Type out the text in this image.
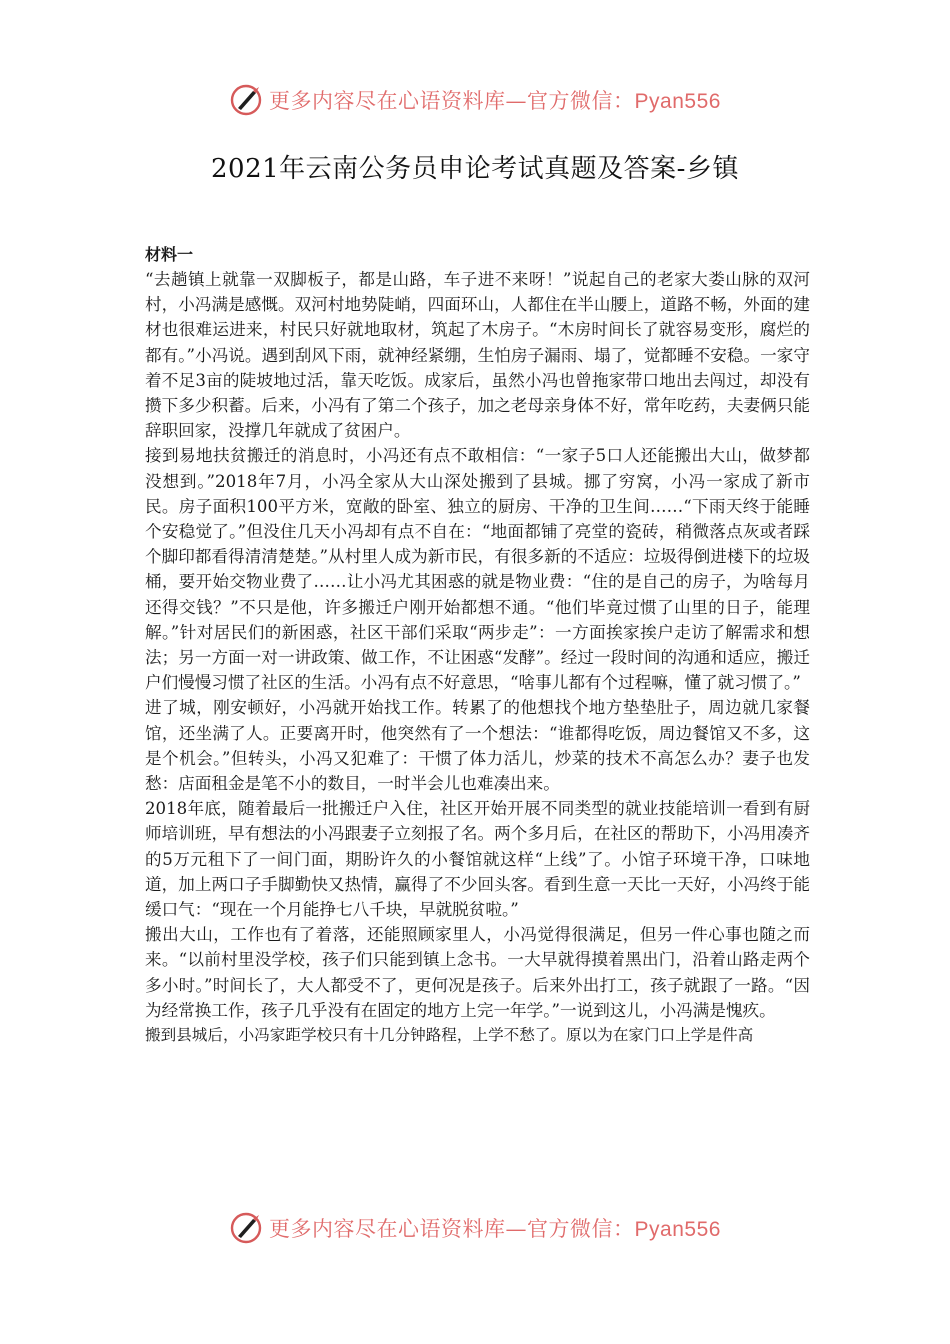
更多内容尽在心语资料库—官方微信：Pyan556
2021年云南公务员申论考试真题及答案-乡镇

材料一

“去趟镇上就靠一双脚板子，都是山路，车子进不来呀！”说起自己的老家大娄山脉的双河村，小冯满是感慨。双河村地势陡峭，四面环山，人都住在半山腰上，道路不畅，外面的建材也很难运进来，村民只好就地取材，筑起了木房子。“木房时间长了就容易变形，腐烂的都有。”小冯说。遇到刮风下雨，就神经紧绷，生怕房子漏雨、塌了，觉都睡不安稳。一家守着不足3亩的陡坡地过活，靠天吃饭。成家后，虽然小冯也曾拖家带口地出去闯过，却没有攒下多少积蓄。后来，小冯有了第二个孩子，加之老母亲身体不好，常年吃药，夫妻俩只能辞职回家，没撑几年就成了贫困户。

接到易地扶贫搬迁的消息时，小冯还有点不敢相信：“一家子5口人还能搬出大山，做梦都没想到。”2018年7月，小冯全家从大山深处搬到了县城。挪了穷窝，小冯一家成了新市民。房子面积100平方米，宽敞的卧室、独立的厨房、干净的卫生间……“下雨天终于能睡个安稳觉了。”但没住几天小冯却有点不自在：“地面都铺了亮堂的瓷砖，稍微落点灰或者踩个脚印都看得清清楚楚。”从村里人成为新市民，有很多新的不适应：垃圾得倒进楼下的垃圾桶，要开始交物业费了……让小冯尤其困惑的就是物业费：“住的是自己的房子，为啥每月还得交钱？”不只是他，许多搬迁户刚开始都想不通。“他们毕竟过惯了山里的日子，能理解。”针对居民们的新困惑，社区干部们采取“两步走”：一方面挨家挨户走访了解需求和想法；另一方面一对一讲政策、做工作，不让困惑“发酵”。经过一段时间的沟通和适应，搬迁户们慢慢习惯了社区的生活。小冯有点不好意思，“啥事儿都有个过程嘛，懂了就习惯了。”

进了城，刚安顿好，小冯就开始找工作。转累了的他想找个地方垫垫肚子，周边就几家餐馆，还坐满了人。正要离开时，他突然有了一个想法：“谁都得吃饭，周边餐馆又不多，这是个机会。”但转头，小冯又犯难了：干惯了体力活儿，炒菜的技术不高怎么办？妻子也发愁：店面租金是笔不小的数目，一时半会儿也难凑出来。

2018年底，随着最后一批搬迁户入住，社区开始开展不同类型的就业技能培训一看到有厨师培训班，早有想法的小冯跟妻子立刻报了名。两个多月后，在社区的帮助下，小冯用凑齐的5万元租下了一间门面，期盼许久的小餐馆就这样“上线”了。小馆子环境干净，口味地道，加上两口子手脚勤快又热情，赢得了不少回头客。看到生意一天比一天好，小冯终于能缓口气：“现在一个月能挣七八千块，早就脱贫啦。”

搬出大山，工作也有了着落，还能照顾家里人，小冯觉得很满足，但另一件心事也随之而来。“以前村里没学校，孩子们只能到镇上念书。一大早就得摸着黑出门，沿着山路走两个多小时。”时间长了，大人都受不了，更何况是孩子。后来外出打工，孩子就跟了一路。“因为经常换工作，孩子几乎没有在固定的地方上完一年学。”一说到这儿，小冯满是愧疚。

搬到县城后，小冯家距学校只有十几分钟路程，上学不愁了。原以为在家门口上学是件高

更多内容尽在心语资料库—官方微信：Pyan556
